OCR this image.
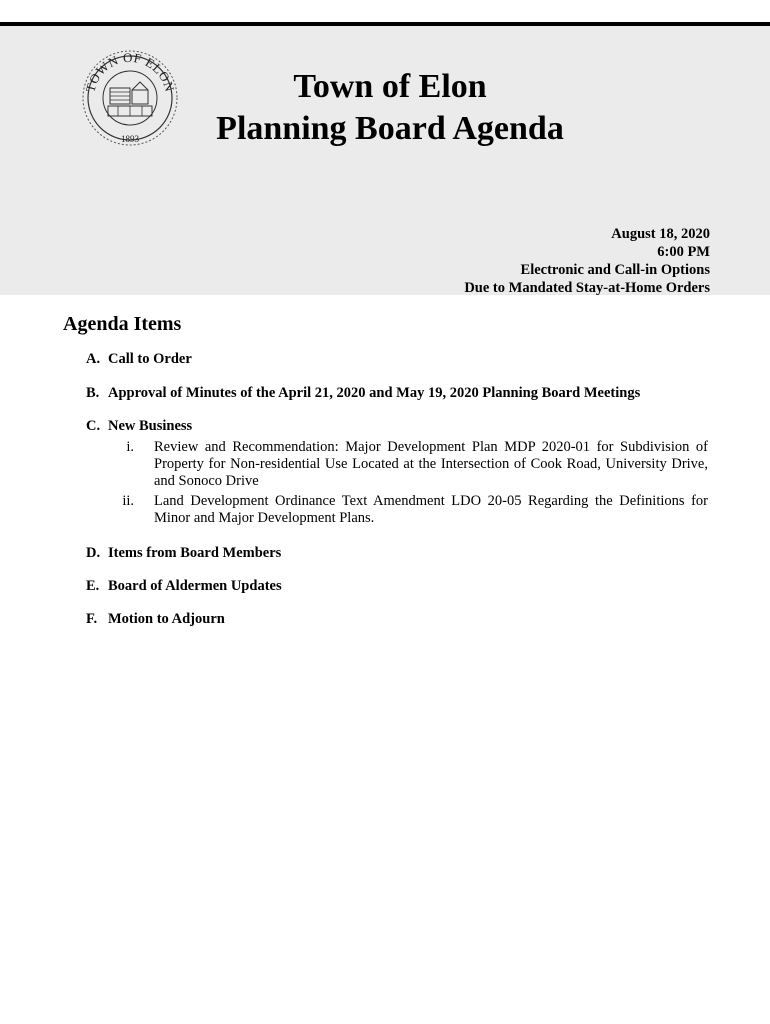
TOWN OF ELON
1893
Town of Elon
Planning Board Agenda
August 18, 2020
6:00 PM
Electronic and Call-in Options
Due to Mandated Stay-at-Home Orders
Agenda Items
A. Call to Order
B. Approval of Minutes of the April 21, 2020 and May 19, 2020 Planning Board Meetings
C. New Business
i. Review and Recommendation: Major Development Plan MDP 2020-01 for Subdivision of Property for Non-residential Use Located at the Intersection of Cook Road, University Drive, and Sonoco Drive
ii. Land Development Ordinance Text Amendment LDO 20-05 Regarding the Definitions for Minor and Major Development Plans.
D. Items from Board Members
E. Board of Aldermen Updates
F. Motion to Adjourn
